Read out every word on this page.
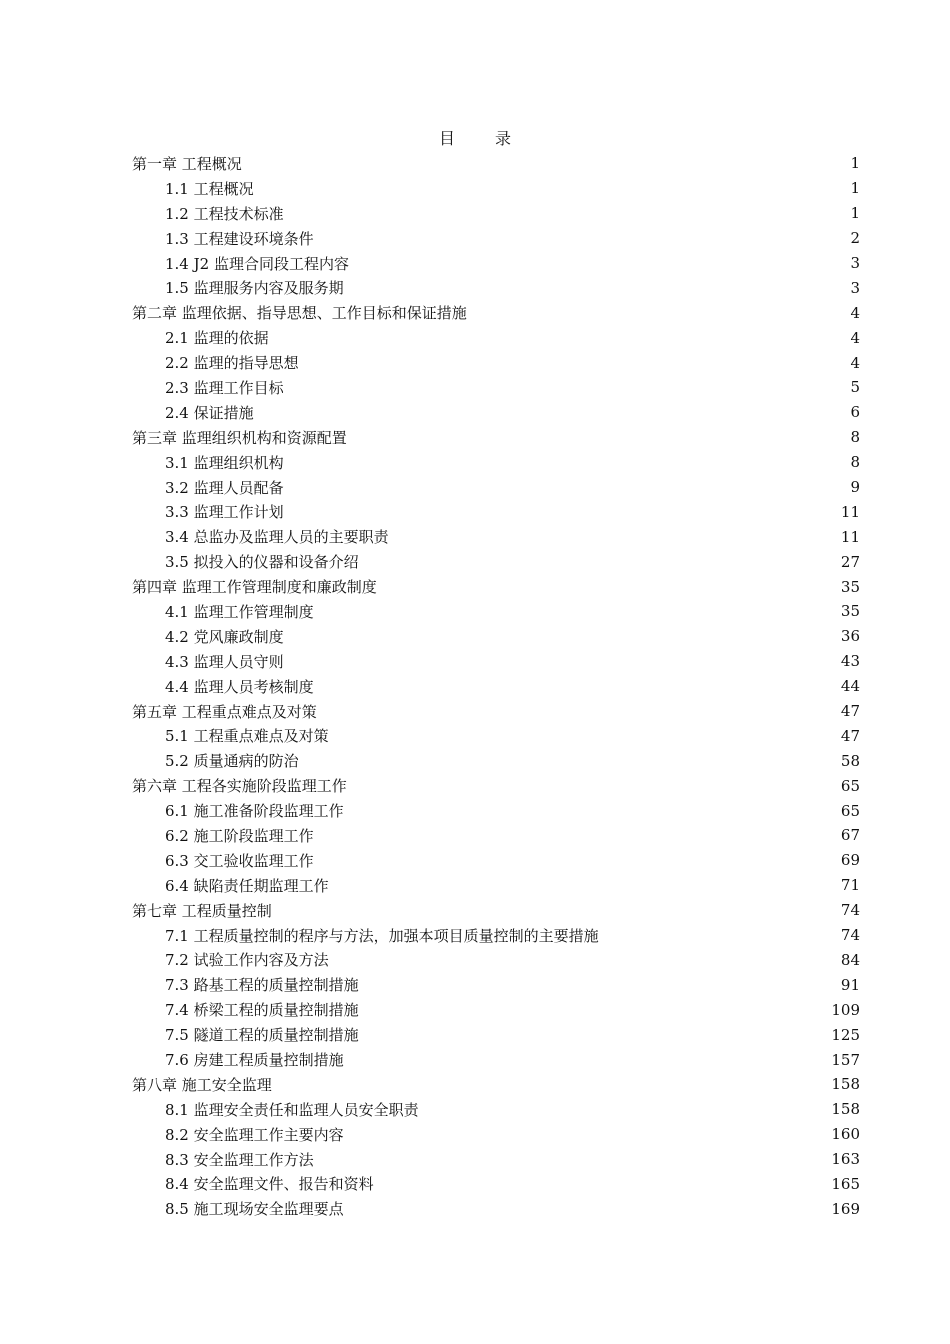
目　录
第一章 工程概况	1
1.1 工程概况	1
1.2 工程技术标准	1
1.3 工程建设环境条件	2
1.4 J2 监理合同段工程内容	3
1.5 监理服务内容及服务期	3
第二章 监理依据、指导思想、工作目标和保证措施	4
2.1 监理的依据	4
2.2 监理的指导思想	4
2.3 监理工作目标	5
2.4 保证措施	6
第三章 监理组织机构和资源配置	8
3.1 监理组织机构	8
3.2 监理人员配备	9
3.3 监理工作计划	11
3.4 总监办及监理人员的主要职责	11
3.5 拟投入的仪器和设备介绍	27
第四章 监理工作管理制度和廉政制度	35
4.1 监理工作管理制度	35
4.2 党风廉政制度	36
4.3 监理人员守则	43
4.4 监理人员考核制度	44
第五章 工程重点难点及对策	47
5.1 工程重点难点及对策	47
5.2 质量通病的防治	58
第六章 工程各实施阶段监理工作	65
6.1 施工准备阶段监理工作	65
6.2 施工阶段监理工作	67
6.3 交工验收监理工作	69
6.4 缺陷责任期监理工作	71
第七章 工程质量控制	74
7.1 工程质量控制的程序与方法，加强本项目质量控制的主要措施	74
7.2 试验工作内容及方法	84
7.3 路基工程的质量控制措施	91
7.4 桥梁工程的质量控制措施	109
7.5 隧道工程的质量控制措施	125
7.6 房建工程质量控制措施	157
第八章 施工安全监理	158
8.1 监理安全责任和监理人员安全职责	158
8.2 安全监理工作主要内容	160
8.3 安全监理工作方法	163
8.4 安全监理文件、报告和资料	165
8.5 施工现场安全监理要点	169
